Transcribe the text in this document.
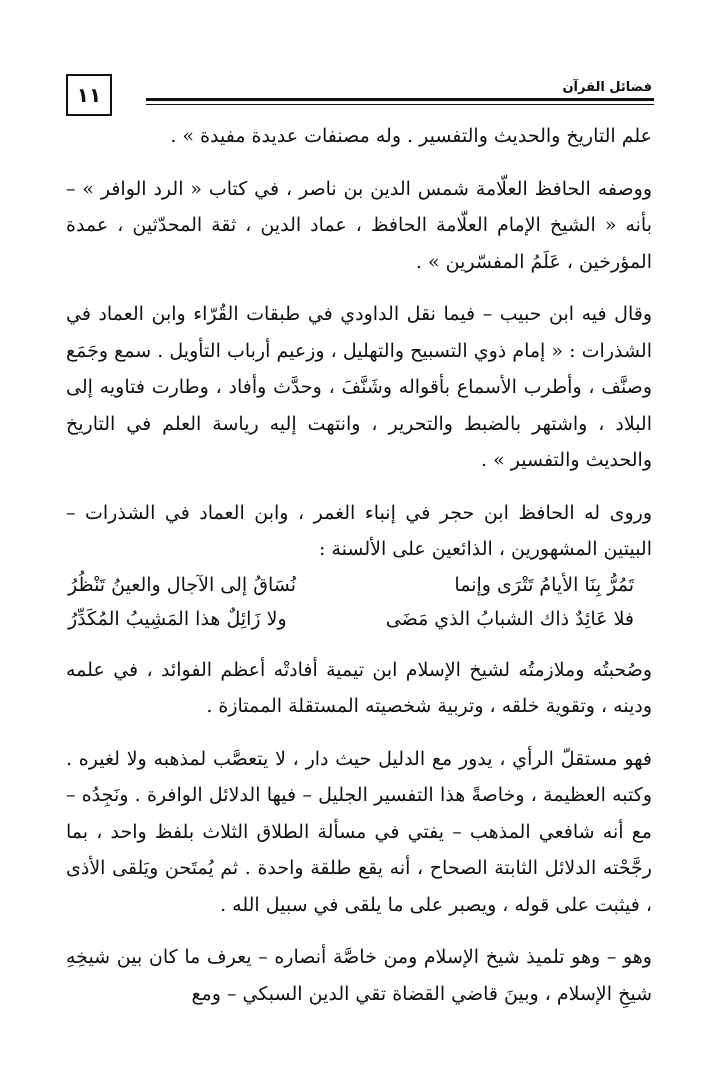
١١	فضائل القرآن

علم التاريخ والحديث والتفسير . وله مصنفات عديدة مفيدة » .

ووصفه الحافظ العلّامة شمس الدين بن ناصر ، في كتاب « الرد الوافر » – بأنه « الشيخ الإمام العلّامة الحافظ ، عماد الدين ، ثقة المحدّثين ، عمدة المؤرخين ، عَلَمُ المفسّرين » .

وقال فيه ابن حبيب – فيما نقل الداودي في طبقات القُرّاء وابن العماد في الشذرات : « إمام ذوي التسبيح والتهليل ، وزعيم أرباب التأويل . سمع وجَمَع وصنَّف ، وأطرب الأسماع بأقواله وشَنَّفَ ، وحدَّث وأفاد ، وطارت فتاويه إلى البلاد ، واشتهر بالضبط والتحرير ، وانتهت إليه رياسة العلم في التاريخ والحديث والتفسير » .

وروى له الحافظ ابن حجر في إنباء الغمر ، وابن العماد في الشذرات – البيتين المشهورين ، الذائعين على الألسنة :

تَمُرُّ بِنَا الأيامُ تَتْرَى وإنما
نُسَاقُ إلى الآجال والعينُ تَنْظُرُ
فلا عَائِدٌ ذاك الشبابُ الذي مَضَى
ولا زَائِلٌ هذا المَشِيبُ المُكَدِّرُ

وصُحبتُه وملازمتُه لشيخ الإسلام ابن تيمية أفادتْه أعظم الفوائد ، في علمه ودينه ، وتقوية خلقه ، وتربية شخصيته المستقلة الممتازة .

فهو مستقلّ الرأي ، يدور مع الدليل حيث دار ، لا يتعصَّب لمذهبه ولا لغيره . وكتبه العظيمة ، وخاصةً هذا التفسير الجليل – فيها الدلائل الوافرة . ونَجِدُه – مع أنه شافعي المذهب – يفتي في مسألة الطلاق الثلاث بلفظ واحد ، بما رجَّحْته الدلائل الثابتة الصحاح ، أنه يقع طلقة واحدة . ثم يُمتَحن ويَلقى الأذى ، فيثبت على قوله ، ويصبر على ما يلقى في سبيل الله .

وهو – وهو تلميذ شيخ الإسلام ومن خاصَّة أنصاره – يعرف ما كان بين شيخِهِ شيخِ الإسلام ، وبينَ قاضي القضاة تقي الدين السبكي – ومع
